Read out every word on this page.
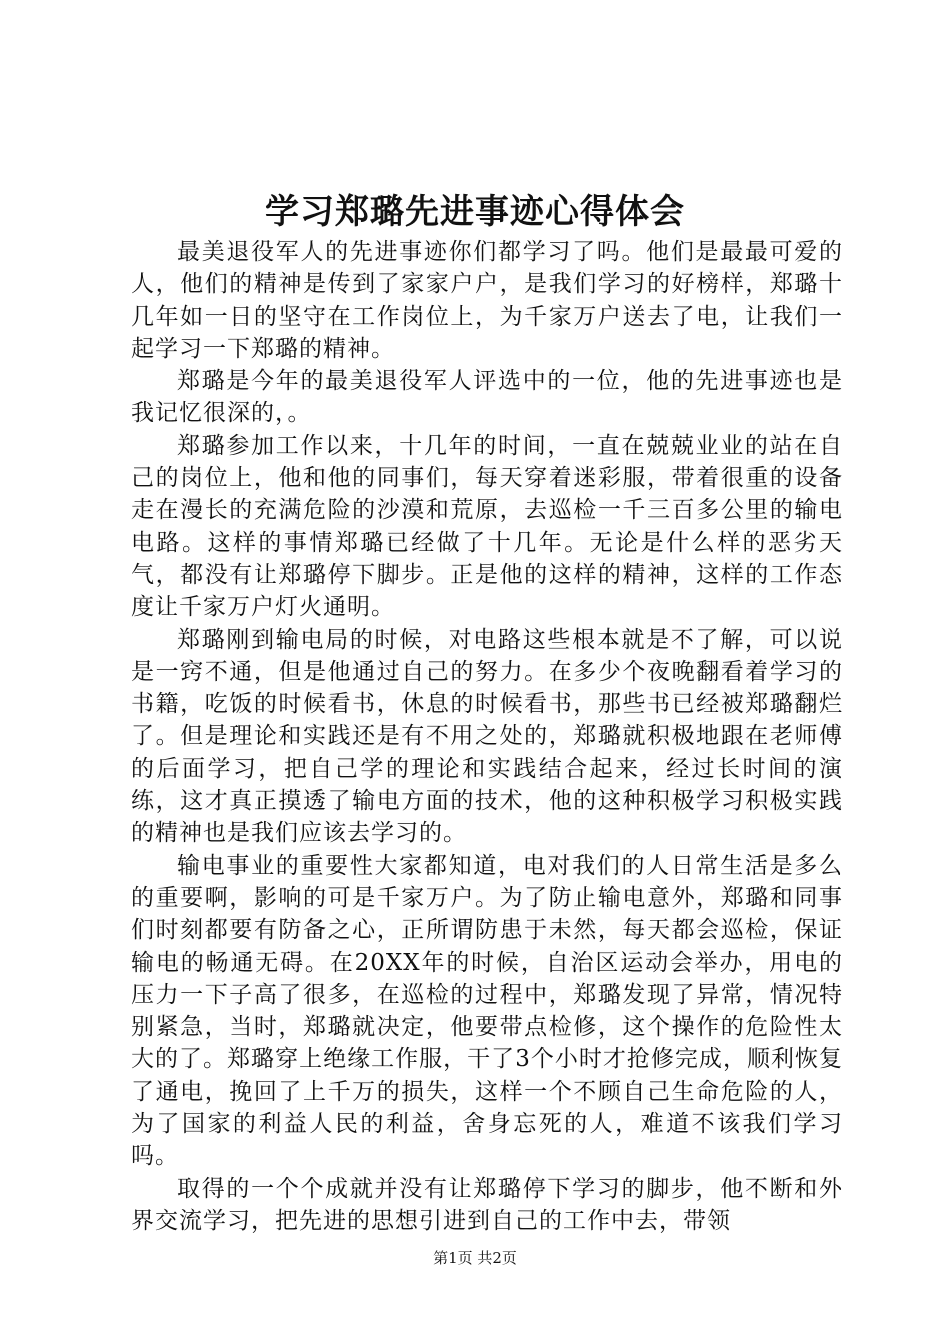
学习郑璐先进事迹心得体会

最美退役军人的先进事迹你们都学习了吗。他们是最最可爱的人，他们的精神是传到了家家户户，是我们学习的好榜样，郑璐十几年如一日的坚守在工作岗位上，为千家万户送去了电，让我们一起学习一下郑璐的精神。

郑璐是今年的最美退役军人评选中的一位，他的先进事迹也是我记忆很深的，。

郑璐参加工作以来，十几年的时间，一直在兢兢业业的站在自己的岗位上，他和他的同事们，每天穿着迷彩服，带着很重的设备走在漫长的充满危险的沙漠和荒原，去巡检一千三百多公里的输电电路。这样的事情郑璐已经做了十几年。无论是什么样的恶劣天气，都没有让郑璐停下脚步。正是他的这样的精神，这样的工作态度让千家万户灯火通明。

郑璐刚到输电局的时候，对电路这些根本就是不了解，可以说是一窍不通，但是他通过自己的努力。在多少个夜晚翻看着学习的书籍，吃饭的时候看书，休息的时候看书，那些书已经被郑璐翻烂了。但是理论和实践还是有不用之处的，郑璐就积极地跟在老师傅的后面学习，把自己学的理论和实践结合起来，经过长时间的演练，这才真正摸透了输电方面的技术，他的这种积极学习积极实践的精神也是我们应该去学习的。

输电事业的重要性大家都知道，电对我们的人日常生活是多么的重要啊，影响的可是千家万户。为了防止输电意外，郑璐和同事们时刻都要有防备之心，正所谓防患于未然，每天都会巡检，保证输电的畅通无碍。在20XX年的时候，自治区运动会举办，用电的压力一下子高了很多，在巡检的过程中，郑璐发现了异常，情况特别紧急，当时，郑璐就决定，他要带点检修，这个操作的危险性太大的了。郑璐穿上绝缘工作服，干了3个小时才抢修完成，顺利恢复了通电，挽回了上千万的损失，这样一个不顾自己生命危险的人，为了国家的利益人民的利益，舍身忘死的人，难道不该我们学习吗。

取得的一个个成就并没有让郑璐停下学习的脚步，他不断和外界交流学习，把先进的思想引进到自己的工作中去，带领

第1页 共2页
